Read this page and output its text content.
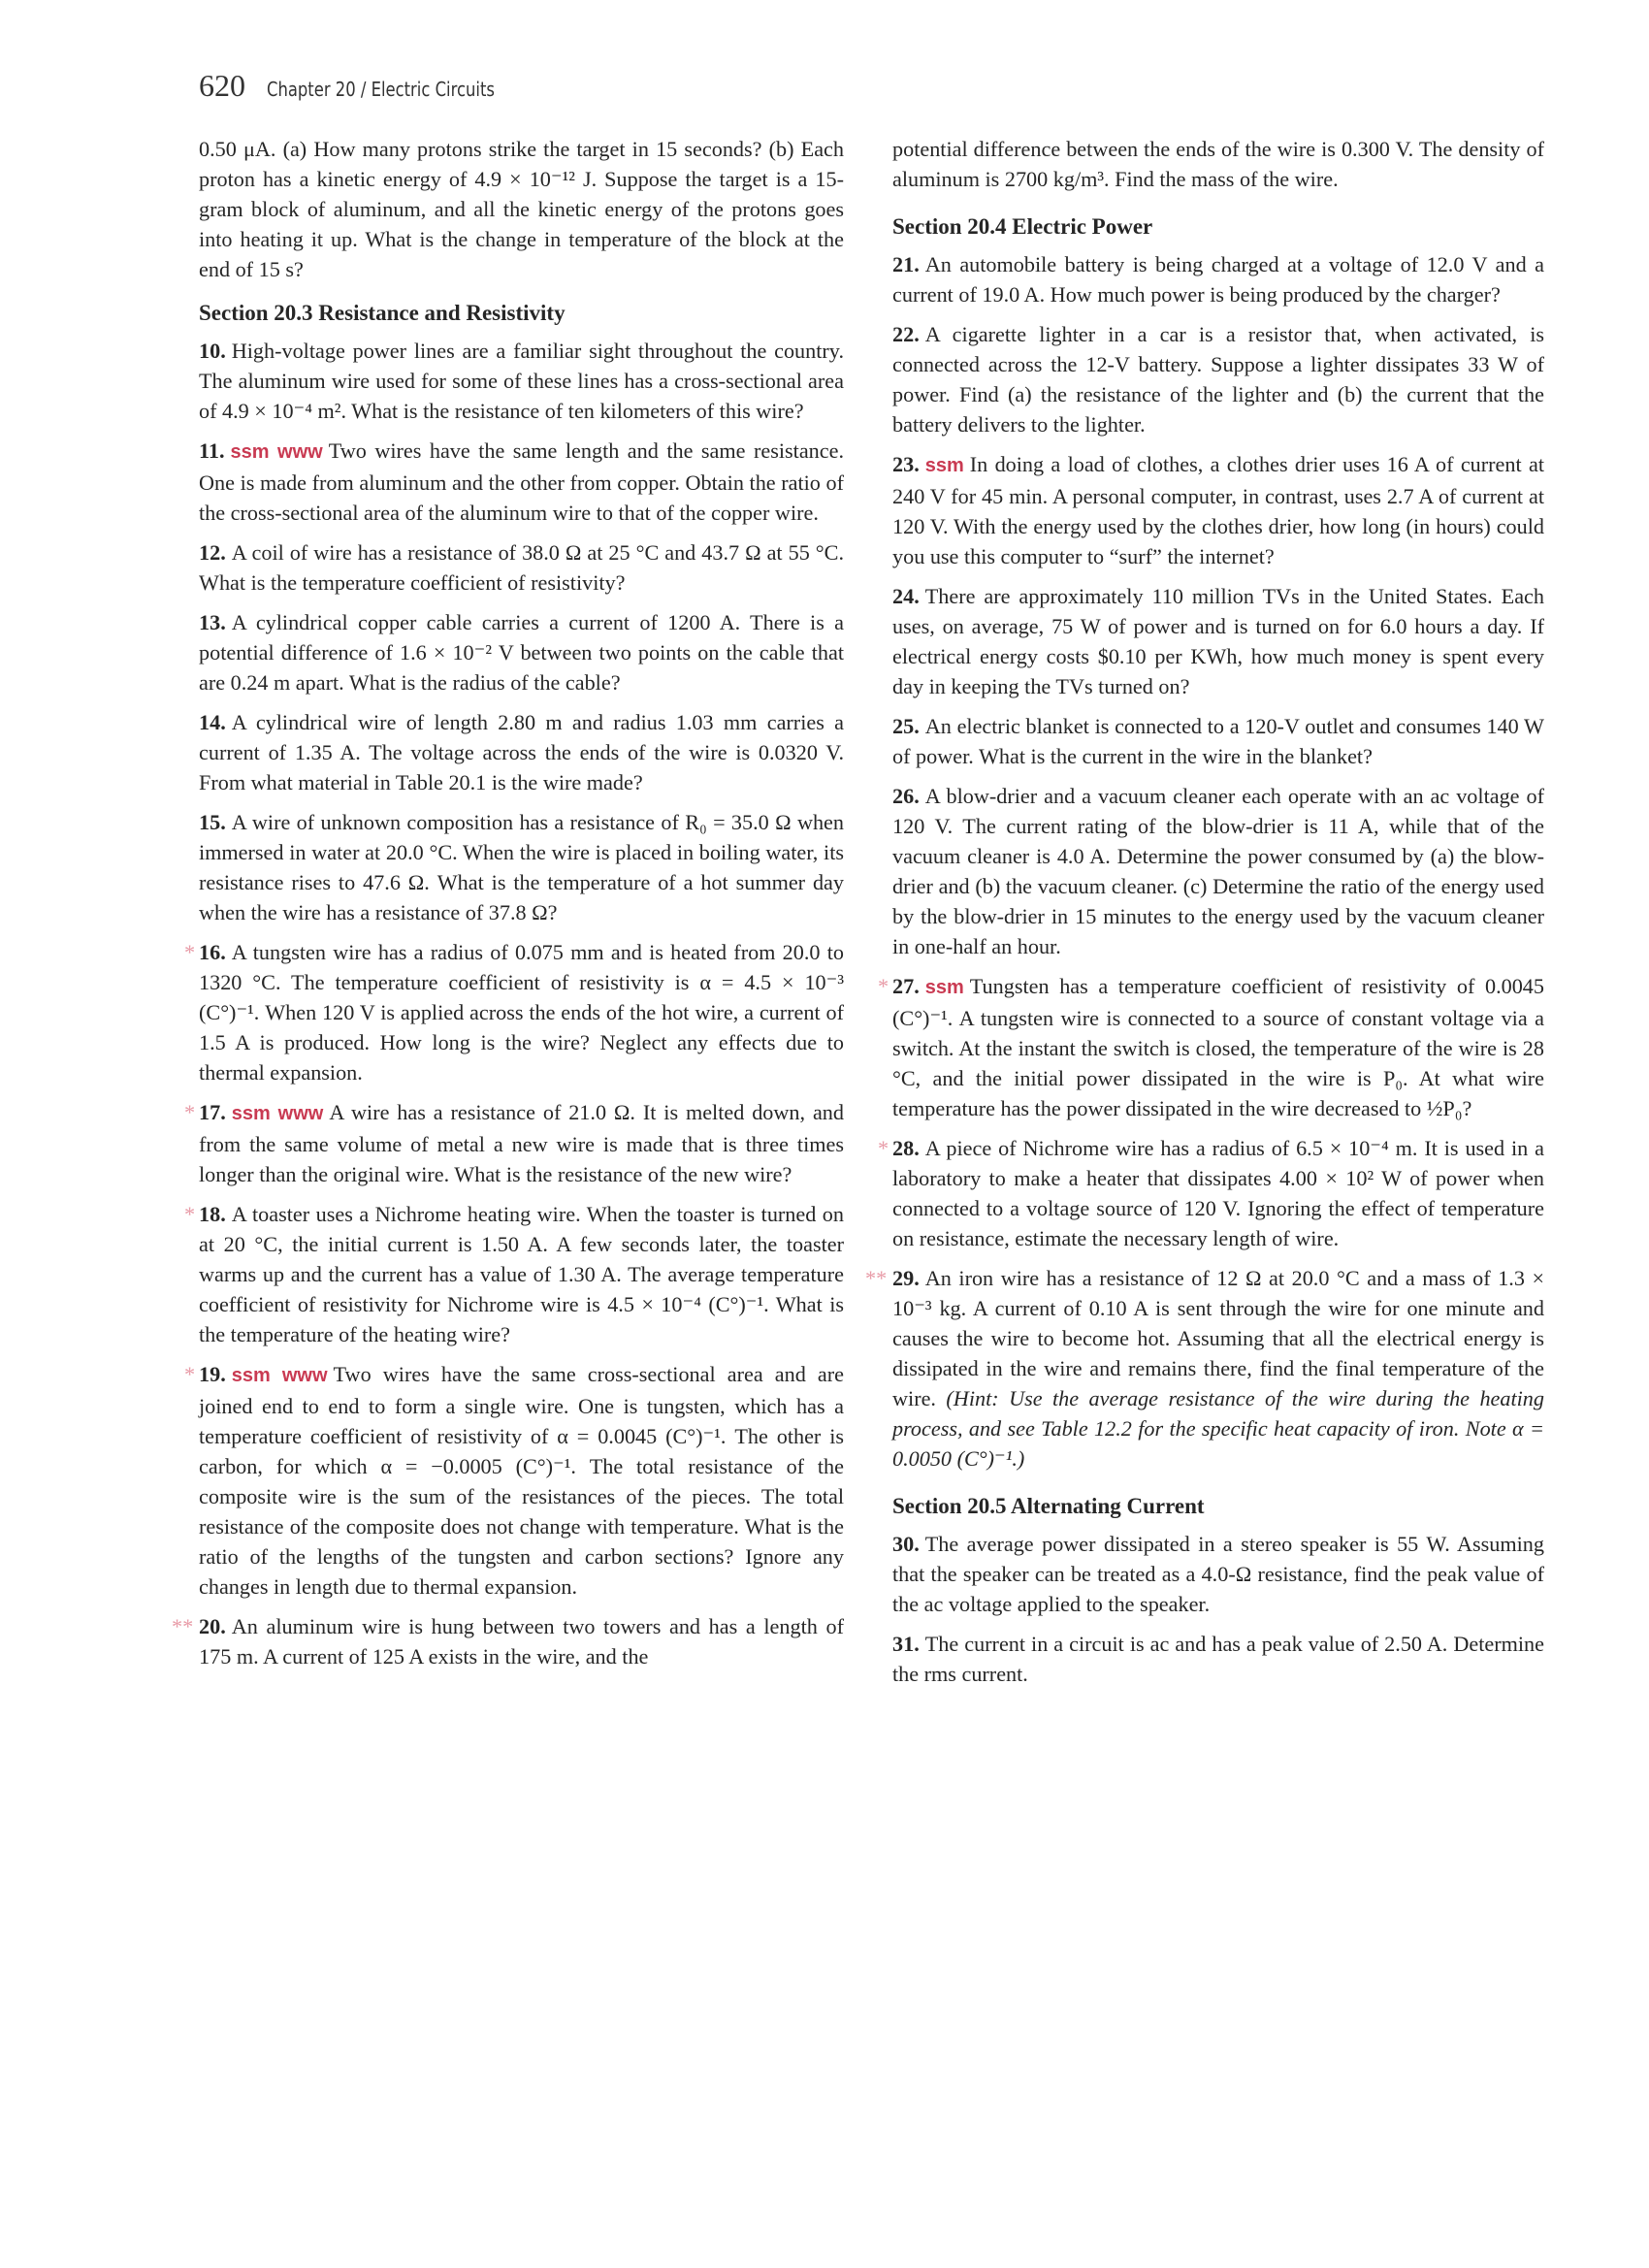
620 Chapter 20 / Electric Circuits

0.50 μA. (a) How many protons strike the target in 15 seconds? (b) Each proton has a kinetic energy of 4.9 × 10⁻¹² J. Suppose the target is a 15-gram block of aluminum, and all the kinetic energy of the protons goes into heating it up. What is the change in temperature of the block at the end of 15 s?

Section 20.3 Resistance and Resistivity

10. High-voltage power lines are a familiar sight throughout the country. The aluminum wire used for some of these lines has a cross-sectional area of 4.9 × 10⁻⁴ m². What is the resistance of ten kilometers of this wire?

11. ssm www Two wires have the same length and the same resistance. One is made from aluminum and the other from copper. Obtain the ratio of the cross-sectional area of the aluminum wire to that of the copper wire.

12. A coil of wire has a resistance of 38.0 Ω at 25 °C and 43.7 Ω at 55 °C. What is the temperature coefficient of resistivity?

13. A cylindrical copper cable carries a current of 1200 A. There is a potential difference of 1.6 × 10⁻² V between two points on the cable that are 0.24 m apart. What is the radius of the cable?

14. A cylindrical wire of length 2.80 m and radius 1.03 mm carries a current of 1.35 A. The voltage across the ends of the wire is 0.0320 V. From what material in Table 20.1 is the wire made?

15. A wire of unknown composition has a resistance of R₀ = 35.0 Ω when immersed in water at 20.0 °C. When the wire is placed in boiling water, its resistance rises to 47.6 Ω. What is the temperature of a hot summer day when the wire has a resistance of 37.8 Ω?

* 16. A tungsten wire has a radius of 0.075 mm and is heated from 20.0 to 1320 °C. The temperature coefficient of resistivity is α = 4.5 × 10⁻³ (C°)⁻¹. When 120 V is applied across the ends of the hot wire, a current of 1.5 A is produced. How long is the wire? Neglect any effects due to thermal expansion.

* 17. ssm www A wire has a resistance of 21.0 Ω. It is melted down, and from the same volume of metal a new wire is made that is three times longer than the original wire. What is the resistance of the new wire?

* 18. A toaster uses a Nichrome heating wire. When the toaster is turned on at 20 °C, the initial current is 1.50 A. A few seconds later, the toaster warms up and the current has a value of 1.30 A. The average temperature coefficient of resistivity for Nichrome wire is 4.5 × 10⁻⁴ (C°)⁻¹. What is the temperature of the heating wire?

* 19. ssm www Two wires have the same cross-sectional area and are joined end to end to form a single wire. One is tungsten, which has a temperature coefficient of resistivity of α = 0.0045 (C°)⁻¹. The other is carbon, for which α = −0.0005 (C°)⁻¹. The total resistance of the composite wire is the sum of the resistances of the pieces. The total resistance of the composite does not change with temperature. What is the ratio of the lengths of the tungsten and carbon sections? Ignore any changes in length due to thermal expansion.

** 20. An aluminum wire is hung between two towers and has a length of 175 m. A current of 125 A exists in the wire, and the

potential difference between the ends of the wire is 0.300 V. The density of aluminum is 2700 kg/m³. Find the mass of the wire.

Section 20.4 Electric Power

21. An automobile battery is being charged at a voltage of 12.0 V and a current of 19.0 A. How much power is being produced by the charger?

22. A cigarette lighter in a car is a resistor that, when activated, is connected across the 12-V battery. Suppose a lighter dissipates 33 W of power. Find (a) the resistance of the lighter and (b) the current that the battery delivers to the lighter.

23. ssm In doing a load of clothes, a clothes drier uses 16 A of current at 240 V for 45 min. A personal computer, in contrast, uses 2.7 A of current at 120 V. With the energy used by the clothes drier, how long (in hours) could you use this computer to “surf” the internet?

24. There are approximately 110 million TVs in the United States. Each uses, on average, 75 W of power and is turned on for 6.0 hours a day. If electrical energy costs $0.10 per KWh, how much money is spent every day in keeping the TVs turned on?

25. An electric blanket is connected to a 120-V outlet and consumes 140 W of power. What is the current in the wire in the blanket?

26. A blow-drier and a vacuum cleaner each operate with an ac voltage of 120 V. The current rating of the blow-drier is 11 A, while that of the vacuum cleaner is 4.0 A. Determine the power consumed by (a) the blow-drier and (b) the vacuum cleaner. (c) Determine the ratio of the energy used by the blow-drier in 15 minutes to the energy used by the vacuum cleaner in one-half an hour.

* 27. ssm Tungsten has a temperature coefficient of resistivity of 0.0045 (C°)⁻¹. A tungsten wire is connected to a source of constant voltage via a switch. At the instant the switch is closed, the temperature of the wire is 28 °C, and the initial power dissipated in the wire is P₀. At what wire temperature has the power dissipated in the wire decreased to ½P₀?

* 28. A piece of Nichrome wire has a radius of 6.5 × 10⁻⁴ m. It is used in a laboratory to make a heater that dissipates 4.00 × 10² W of power when connected to a voltage source of 120 V. Ignoring the effect of temperature on resistance, estimate the necessary length of wire.

** 29. An iron wire has a resistance of 12 Ω at 20.0 °C and a mass of 1.3 × 10⁻³ kg. A current of 0.10 A is sent through the wire for one minute and causes the wire to become hot. Assuming that all the electrical energy is dissipated in the wire and remains there, find the final temperature of the wire. (Hint: Use the average resistance of the wire during the heating process, and see Table 12.2 for the specific heat capacity of iron. Note α = 0.0050 (C°)⁻¹.)

Section 20.5 Alternating Current

30. The average power dissipated in a stereo speaker is 55 W. Assuming that the speaker can be treated as a 4.0-Ω resistance, find the peak value of the ac voltage applied to the speaker.

31. The current in a circuit is ac and has a peak value of 2.50 A. Determine the rms current.
